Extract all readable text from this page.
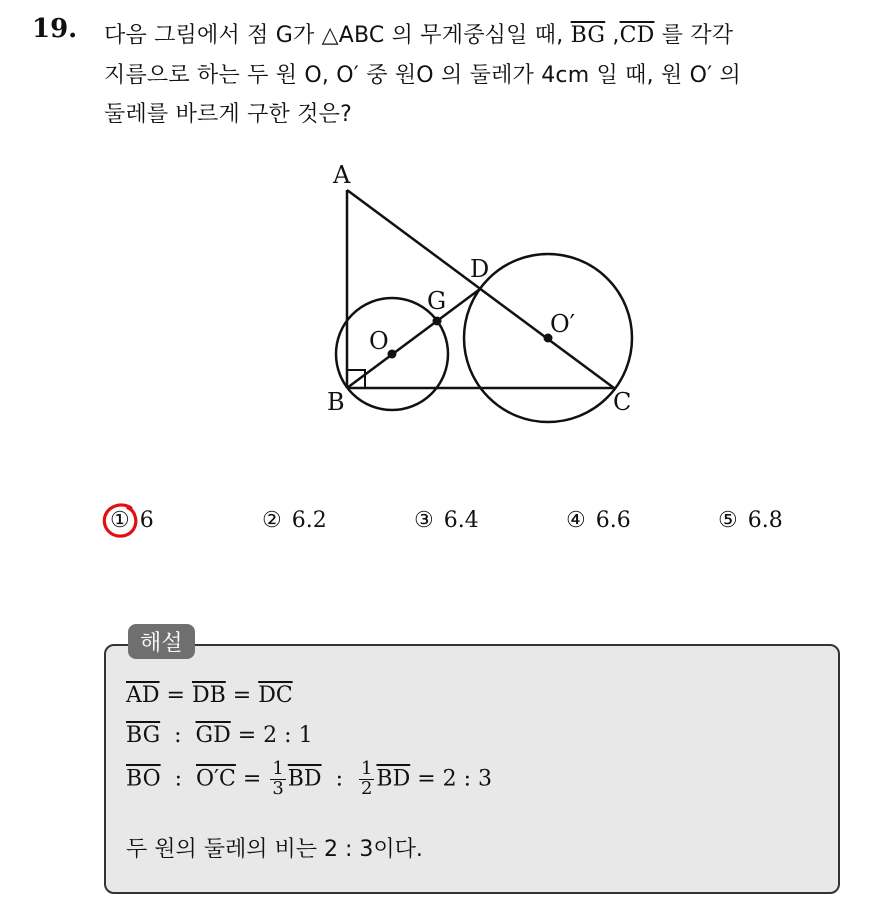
19. 다음 그림에서 점 G가 △ABC 의 무게중심일 때, $\overline{BG}$ $,\overline{CD}$ 를 각각
지름으로 하는 두 원 O, O′ 중 원O 의 둘레가 4cm 일 때, 원 O′ 의
둘레를 바르게 구한 것은?
A
B	C
D
G
O
O′
① 6	② 6.2	③ 6.4	④ 6.6	⑤ 6.8
해설
$\overline{AD} = \overline{DB} = \overline{DC}$
$\overline{BG}$  :  $\overline{GD} = 2$ : 1
$\overline{BO}$  :  $O'C = \frac{1}{3} \overline{BD}$  : $\frac{1}{2} \overline{BD} = 2$ : 3
두 원의 둘레의 비는 2 : 3이다.
